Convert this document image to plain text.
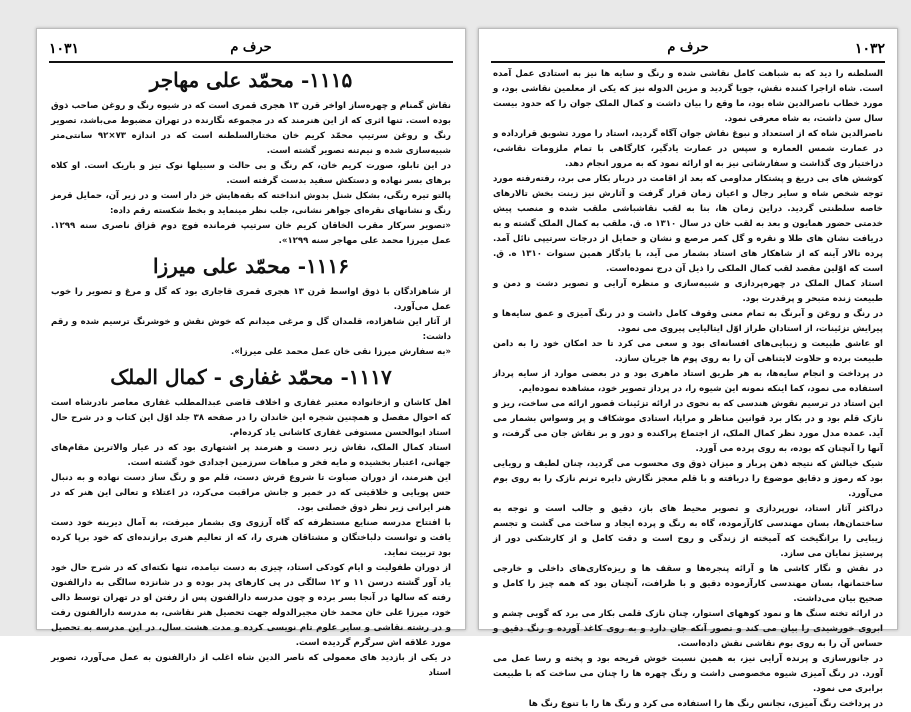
۱۰۳۱	حرف م
۱۱۱۵- محمّد علی مهاجر

نقاش گمنام و چهره‌ساز اواخر قرن ۱۳ هجری قمری است که در شیوه رنگ و روغن صاحب ذوق بوده است. تنها اثری که از این هنرمند که در مجموعه نگارنده در تهران مضبوط می‌باشد، تصویر رنگ و روغن سرتیپ محمّد کریم خان مختارالسلطنه است که در اندازه ۷۳×۹۲ سانتی‌متر شبیه‌سازی شده و نیم‌تنه تصویر گشته است.

در این تابلو، صورت کریم خان، کم رنگ و بی حالت و سبیلها نوک تیز و باریک است. او کلاه برهای بسر نهاده و دستکش سفید بدست گرفته است.

پالتو تیره رنگی، بشکل شنل بدوش انداخته که بقه‌هایش خز دار است و در زیر آن، حمایل قرمز رنگ و نشانهای نقره‌ای جواهر نشانی، جلب نظر مینماید و بخط شکسته رقم داده:

«تصویر سرکار مقرب الخاقان کریم خان سرتیپ فرمانده فوج دوم قزاق ناصری سنه ۱۲۹۹. عمل میرزا محمد علی مهاجر سنه ۱۲۹۹».

۱۱۱۶- محمّد علی میرزا

از شاهزادگان با ذوق اواسط قرن ۱۳ هجری قمری قاجاری بود که گل و مرغ و تصویر را خوب عمل می‌آورد.

از آثار این شاهزاده، قلمدان گل و مرغی میدانم که خوش نقش و خوشرنگ ترسیم شده و رقم داشت:

«به سفارش میرزا نقی خان عمل محمد علی میرزا».

۱۱۱۷- محمّد غفاری - کمال الملک

اهل کاشان و ازخانواده معتبر غفاری و اخلاف قاضی عبدالمطلب غفاری معاصر نادرشاه است که احوال مفصل و همچنین شجره این خاندان را در صفحه ۳۸ جلد اوّل این کتاب و در شرح حال استاد ابوالحسن مستوفی غفاری کاشانی یاد کرده‌ام.

استاد کمال الملک، نقاش زبر دست و هنرمند پر اشتهاری بود که در عیار والاترین مقام‌های جهانی، اعتبار بخشیده و مایه فخر و مباهات سرزمین اجدادی خود گشته است.

این هنرمند، از دوران صباوت تا شروع قرش دست، قلم مو و رنگ ساز دست نهاده و به دنبال حس پویایی و خلاقیتی که در خمیر و جانش مراقبت می‌کرد، در اعتلاء و تعالی این هنر که در هنر ایرانی زیر نظر ذوق خصلتی بود.

با افتتاح مدرسه صنایع مستظرفه که گاه آرزوی وی بشمار میرفت، به آمال دیرینه خود دست یافت و توانست دلباختگان و مشتاقان هنری را، که از تعالیم هنری برازنده‌ای که خود برپا کرده بود تربیت نماید.

از دوران طفولیت و ایام کودکی استاد، چیزی به دست نیامده، تنها نکته‌ای که در شرح حال خود یاد آور گشته درسن ۱۱ و ۱۲ سالگی در پی کارهای پدر بوده و در شانزده سالگی به دارالفنون رفته که سالها در آنجا بسر برده و چون مدرسه دارالفنون پس از رفتن او در تهران توسط دالی خود، میرزا علی خان محمد خان مجیرالدوله جهت تحصیل هنر نقاشی، به مدرسه دارالفنون رفت و در رشته نقاشی و سایر علوم تام نویسی کرده و مدت هشت سال، در این مدرسه به تحصیل مورد علاقه اش سرگرم گردیده است.

در یکی از بازدید های معمولی که ناصر الدین شاه اغلب از دارالفنون به عمل می‌آورد، تصویر استاد

۱۰۳۲
حرف م

السلطنه را دید که به شباهت کامل نقاشی شده و رنگ و سایه ها نیز به استادی عمل آمده است. شاه ازاجرا کننده نقش، جویا گردید و مزین الدوله نیز که یکی از معلمین نقاشی بود، و مورد خطاب ناصرالدین شاه بود، ما وقع را بیان داشت و کمال الملک جوان را که حدود بیست سال سن داشت، به شاه معرفی نمود.

ناصرالدین شاه که از استعداد و نبوغ نقاش جوان آگاه گردید، استاد را مورد تشویق قرارداده و در عمارت شمس العماره و سپس در عمارت یادگیر، کارگاهی با تمام ملزومات نقاشی، دراختیار وی گذاشت و سفارشاتی نیز به او ارائه نمود که به مرور انجام دهد.

کوشش های بی دریغ و پشتکار مداومی که بعد از اقامت در دربار بکار می برد، رفته‌رفته مورد توجه شخص شاه و سایر رجال و اعیان زمان قرار گرفت و آثارش نیز زینت بخش تالارهای خاصه سلطنتی گردید. دراین زمان ها، بنا به لقب نقاشباشی ملقب شده و منصب پیش خدمتی حضور همایون و بعد به لقب خان در سال ۱۳۱۰ ه. ق. ملقب به کمال الملک گشته و به دریافت نشان های طلا و نقره و گل کمر مرصع و نشان و حمایل از درجات سرتیپی نائل آمد. پرده تالار آینه که از شاهکار های استاد بشمار می آید، با یادگار همین سنوات ۱۳۱۰ ه. ق. است که اوّلین مقصد لقب کمال الملکی را ذیل آن درج نموده‌است.

استاد کمال الملک در چهره‌پردازی و شبیه‌سازی و منظره آرایی و تصویر دشت و دمن و طبیعت زنده متبحر و پرقدرت بود.

در رنگ و روغن و آبرنگ به تمام معنی وقوف کامل داشت و در رنگ آمیزی و عمق سایه‌ها و پیرایش تزئینات، از استادان طراز اوّل ایتالیایی پیروی می نمود.

او عاشق طبیعت و زیبایی‌های افسانه‌ای بود و سعی می کرد تا حد امکان خود را به دامن طبیعت برده و حلاوت لایتناهی آن را به روی پوم ها جریان سازد.

در پرداخت و انجام سایه‌ها، به هر طریق استاد ماهری بود و در بعضی موارد از سایه پرداز استفاده می نمود، کما اینکه نمونه این شیوه را، در پرداز تصویر خود، مشاهده نموده‌ایم.

این استاد در ترسیم نقوش هندسی که به نحوی در ارائه تزئینات قصور ارائه می ساخت، ریز و نازک قلم بود و در بکار برد قوانین مناظر و مرایا، استادی موشکاف و پر وسواس بشمار می آید. عمده مدل مورد نظر کمال الملک، از اجتماع پراکنده و دور و بر نقاش جان می گرفت، و آنها را آنچنان که بوده، به روی پرده می آورد.

شیک خیالش که نتیجه ذهن پربار و میزان ذوق وی محسوب می گردید، چنان لطیف و رویایی بود که رموز و دقایق موضوع را دریافته و با قلم معجز نگارش دایره ترنم نازک را به روی بوم می‌آورد.

دراکثر آثار استاد، نورپردازی و تصویر محیط های باز، دقیق و جالب است و توجه به ساختمان‌ها، بسان مهندسی کارآزموده، گاه به رنگ و پرده ایجاد و ساخت می گشت و تجسم زیبایی را برانگیخت که آمیخته از زندگی و روح است و دقت کامل و از کارشکنی دور از پرستیژ نمایان می سازد.

در نقش و نگار کاشی ها و آرائه پنجره‌ها و سقف ها و ریزه‌کاری‌های داخلی و خارجی ساختمانها، بسان مهندسی کارآزموده دقیق و با ظرافت، آنچنان بود که همه چیز را کامل و صحیح بیان می‌داشت.

در ارائه تخته سنگ ها و نمود کوههای استوار، چنان نازک قلمی بکار می برد که گویی چشم و ابروی خورشیدی را بیان می کند و تصور آنکه جان دارد و به روی کاغذ آورده و رنگ دقیق و حساس آن را به روی بوم نقاشی نقش داده‌است.

در جانورسازی و پرنده آرایی نیز، به همین نسبت خوش قریحه بود و پخته و رسا عمل می آورد. در رنگ آمیزی شیوه مخصوصی داشت و رنگ چهره ها را چنان می ساخت که با طبیعت برابری می نمود.

در پرداخت رنگ آمیزی، تجانس رنگ ها را استفاده می کرد و رنگ ها را با تنوع رنگ ها
